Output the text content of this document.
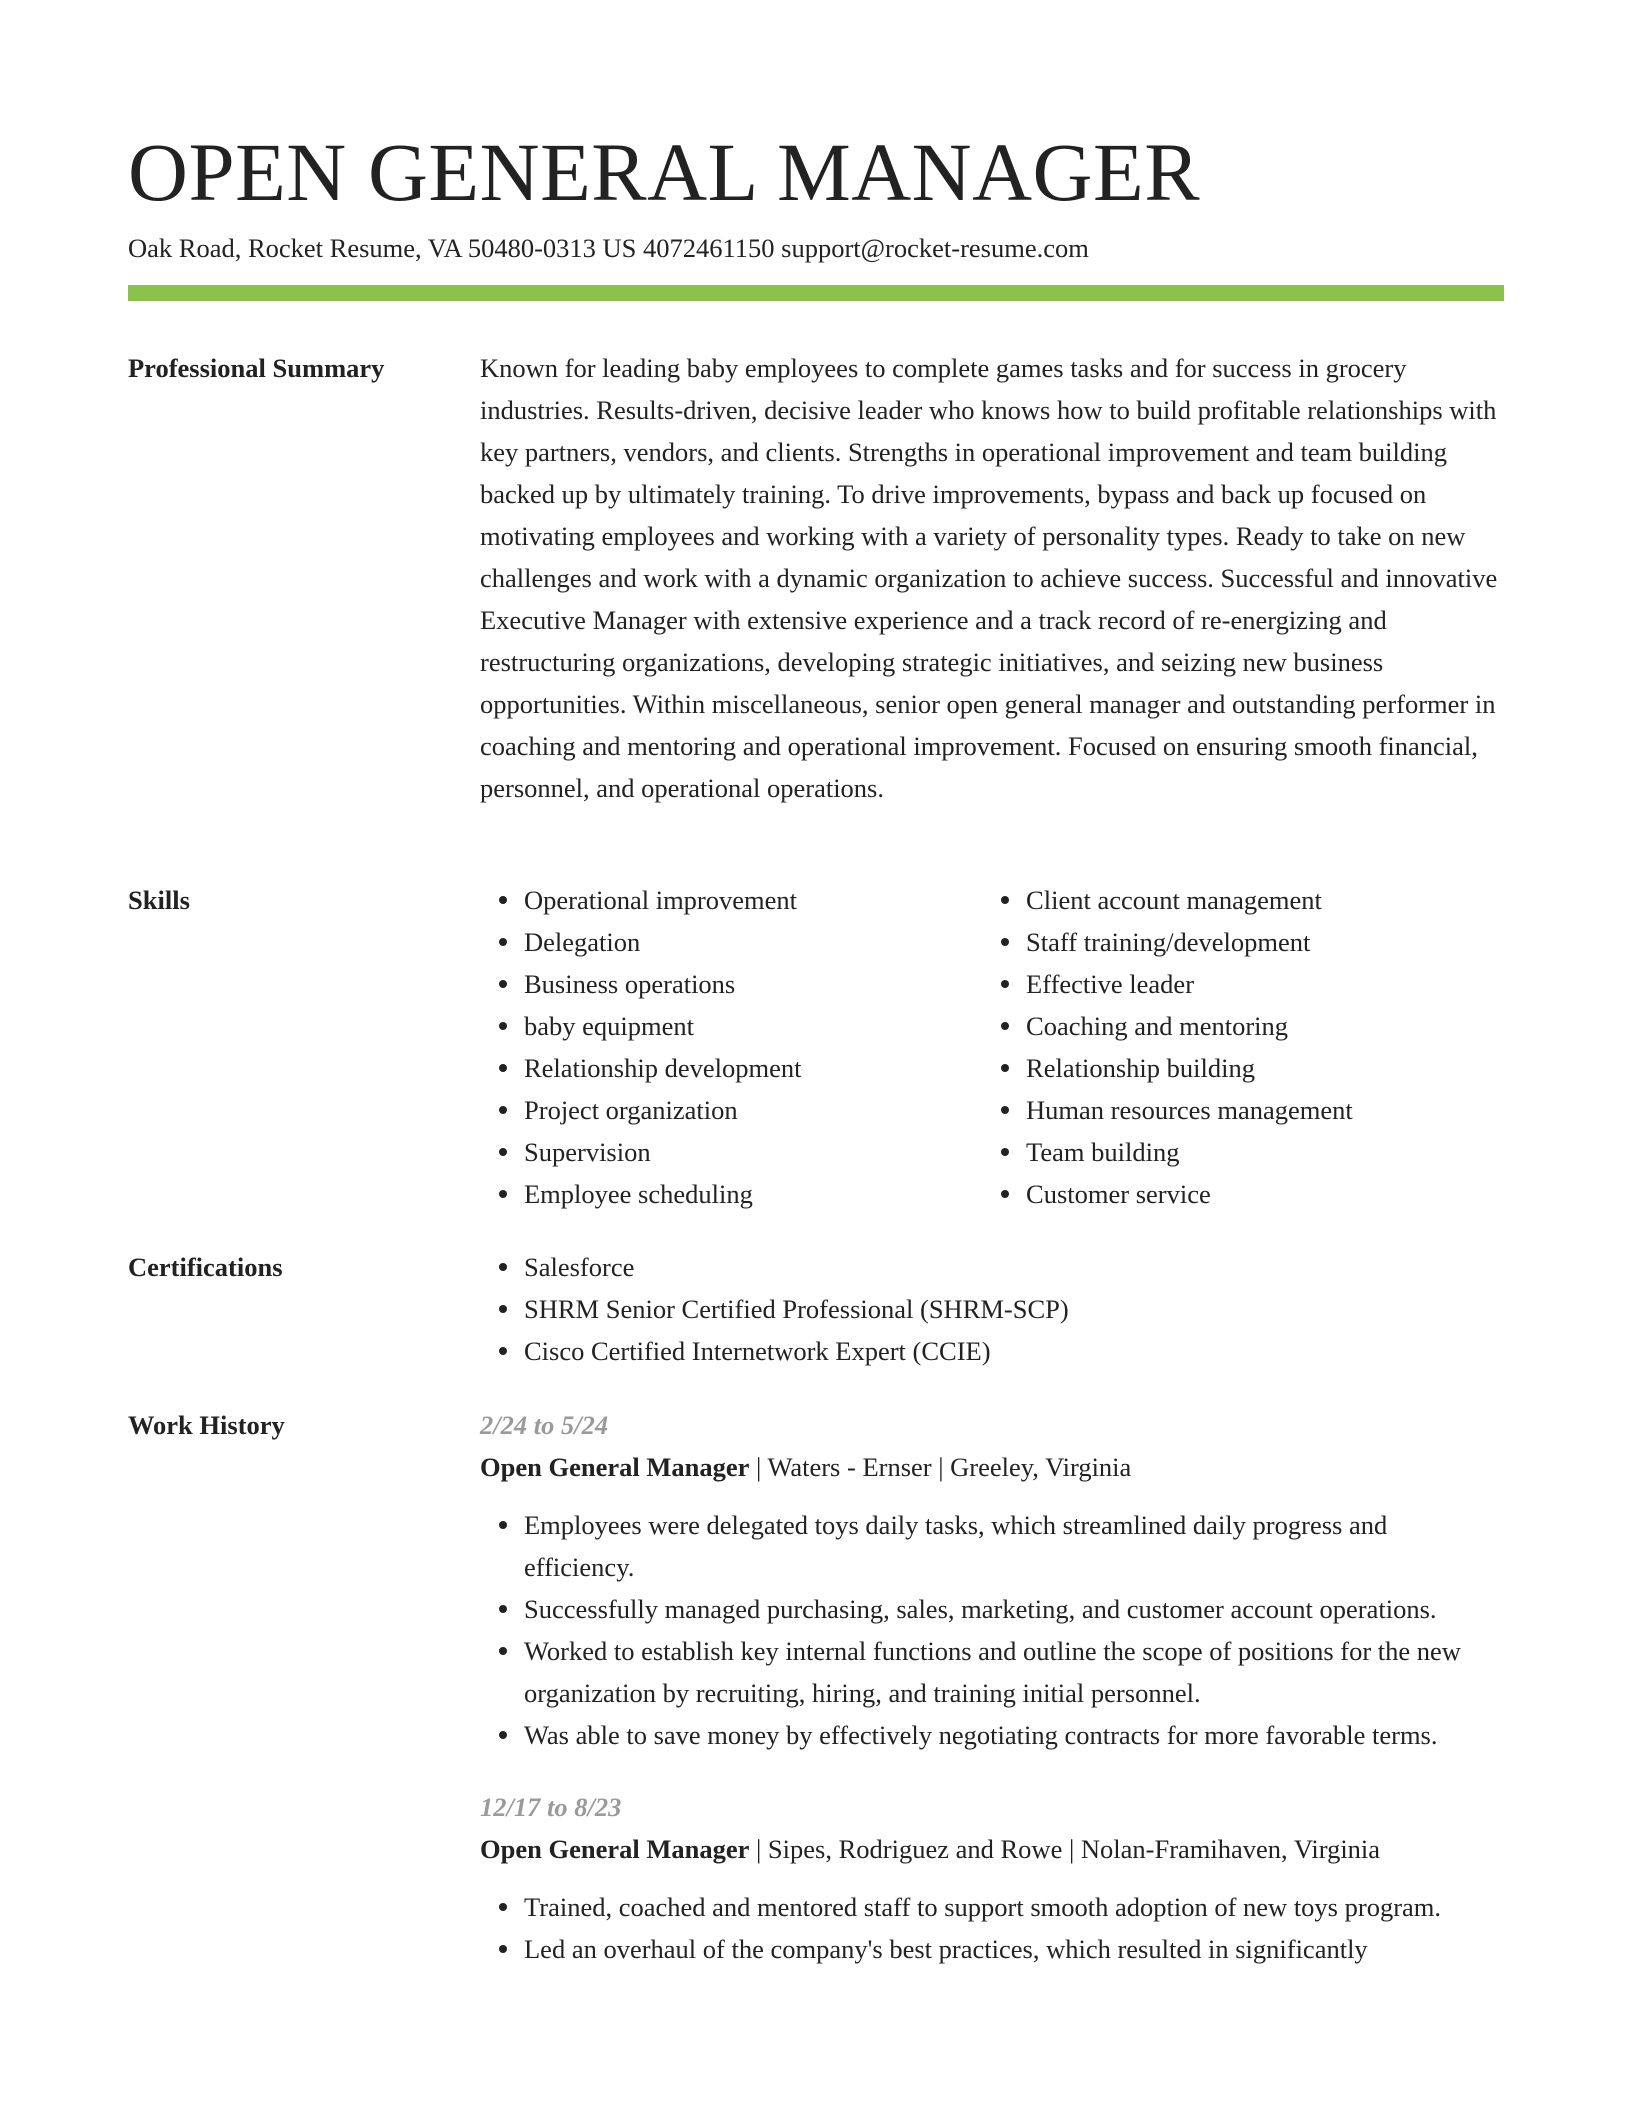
OPEN GENERAL MANAGER
Oak Road, Rocket Resume, VA 50480-0313 US 4072461150 support@rocket-resume.com
Professional Summary	Known for leading baby employees to complete games tasks and for success in grocery industries. Results-driven, decisive leader who knows how to build profitable relationships with key partners, vendors, and clients. Strengths in operational improvement and team building backed up by ultimately training. To drive improvements, bypass and back up focused on motivating employees and working with a variety of personality types. Ready to take on new challenges and work with a dynamic organization to achieve success. Successful and innovative Executive Manager with extensive experience and a track record of re-energizing and restructuring organizations, developing strategic initiatives, and seizing new business opportunities. Within miscellaneous, senior open general manager and outstanding performer in coaching and mentoring and operational improvement. Focused on ensuring smooth financial, personnel, and operational operations.

Skills	Operational improvement
Delegation
Business operations
baby equipment
Relationship development
Project organization
Supervision
Employee scheduling
Client account management
Staff training/development
Effective leader
Coaching and mentoring
Relationship building
Human resources management
Team building
Customer service
Certifications	Salesforce
SHRM Senior Certified Professional (SHRM-SCP)
Cisco Certified Internetwork Expert (CCIE)
Work History	2/24 to 5/24
Open General Manager | Waters - Ernser | Greeley, Virginia
Employees were delegated toys daily tasks, which streamlined daily progress and efficiency.
Successfully managed purchasing, sales, marketing, and customer account operations.
Worked to establish key internal functions and outline the scope of positions for the new organization by recruiting, hiring, and training initial personnel.
Was able to save money by effectively negotiating contracts for more favorable terms.
12/17 to 8/23
Open General Manager | Sipes, Rodriguez and Rowe | Nolan-Framihaven, Virginia
Trained, coached and mentored staff to support smooth adoption of new toys program.
Led an overhaul of the company's best practices, which resulted in significantly
